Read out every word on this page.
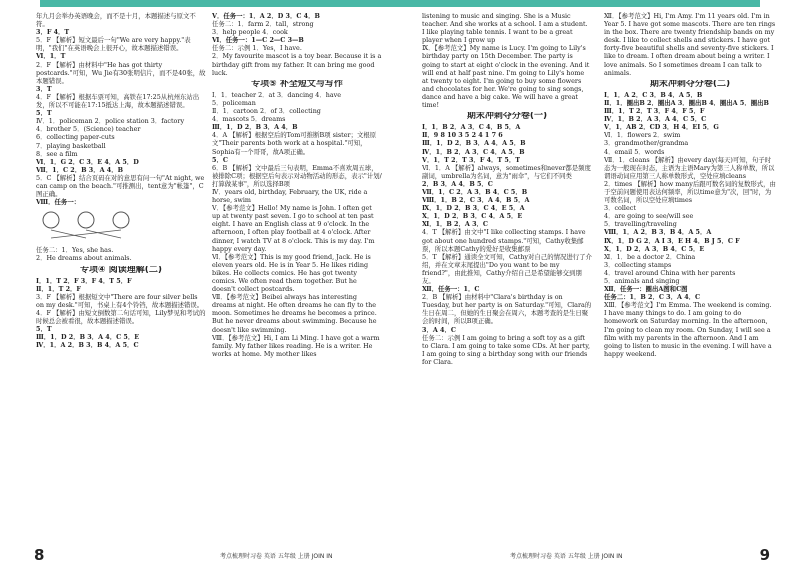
年九月会举办英语晚会，而不是十月，本题描述与原文不符。

3．F 4．T

5．F 【解析】短文最后一句"We are very happy."表明，"我们"在英语晚会上很开心，故本题描述错误。

Ⅵ．1．T

2．F 【解析】由材料中"He has got thirty postcards."可知，Wu Jie有30张明信片，而不是40张，故本题错误。

3．T

4．F 【解析】根据车票可知，高铁在17:25从杭州东站出发，所以不可能在17:15抵达上海，故本题描述错误。

5．T

Ⅳ．1．policeman 2．police station 3．factory

4．brother 5．(Science) teacher

6．collecting paper-cuts

7．playing basketball

8．see a film

Ⅵ．1．G 2．C 3．E 4．A 5．D

Ⅶ．1．C 2．B 3．A 4．B

5．C 【解析】结合页码在对的意思有问一句"At night, we can camp on the beach."可推测出，tent意为"帐篷"，C图正确。

Ⅷ．任务一：

任务二：1．Yes, she has.

2．He dreams about animals.

专项④ 阅读理解(二)

Ⅰ．1．T 2．F 3．F 4．T 5．F

Ⅱ．1．T 2．F

3．F 【解析】根据短文中"There are four silver bells on my desk."可知，书桌上有4个铃铛，故本题描述错误。

4．F 【解析】由短文倒数第二句话可知，Lily梦见和考试的时候总会被看很，故本题描述错误。

5．T

Ⅲ．1．D 2．B 3．A 4．C 5．E

Ⅳ．1．A 2．B 3．B 4．A 5．C

Ⅴ．任务一：1．A 2．D 3．C 4．B

任务二：1．farm 2．tall，strong

3．help people 4．cook

Ⅵ．任务一：1—C 2—C 3—B

任务二：示例 1．Yes，I have.

2．My favourite mascot is a toy bear. Because it is a birthday gift from my father. It can bring me good luck.

专项⑤ 补全短文与写作

Ⅰ．1．teacher 2．at 3．dancing 4．have

5．policeman

Ⅱ．1．cartoon 2．of 3．collecting

4．mascots 5．dreams

Ⅲ．1．D 2．B 3．A 4．B

4．A 【解析】根据空后的Tom可推断B项 sister；文根原文"Their parents both work at a hospital."可知，Sophia有一个哥哥，故A项正确。

5．C

6．B 【解析】文中最后三句表明，Emma不喜欢周五球，被排除C项；根据空后句表示对动物活动的形态，表示"计划/打算做某事"，所以选择B项

Ⅳ．years old, birthday, February, the UK, ride a horse, swim

Ⅴ．【参考范文】Hello! My name is John. I often get up at twenty past seven. I go to school at ten past eight. I have an English class at 9 o'clock. In the afternoon, I often play football at 4 o'clock. After dinner, I watch TV at 8 o'clock. This is my day. I'm happy every day.

Ⅵ．【参考范文】This is my good friend, Jack. He is eleven years old. He is in Year 5. He likes riding bikes. He collects comics. He has got twenty comics. We often read them together. But he doesn't collect postcards.

Ⅶ．【参考范文】Beibei always has interesting dreams at night. He often dreams he can fly to the moon. Sometimes he dreams he becomes a prince. But he never dreams about swimming. Because he doesn't like swimming.

Ⅷ．【参考范文】Hi, I am Li Ming. I have got a warm family. My father likes reading. He is a writer. He works at home. My mother likes

8	考点梳理时习卷 英语 五年级 上册 JOIN IN

listening to music and singing. She is a Music teacher. And she works at a school. I am a student. I like playing table tennis. I want to be a great player when I grow up

Ⅸ．【参考范文】My name is Lucy. I'm going to Lily's birthday party on 15th December. The party is going to start at eight o'clock in the evening. And it will end at half past nine. I'm going to Lily's home at twenty to eight. I'm going to buy some flowers and chocolates for her. We're going to sing songs, dance and have a big cake. We will have a great time!

期末冲刺夺分卷(一)

Ⅰ．1．B 2．A 3．C 4．B 5．A

Ⅱ．9 8 10 3 5 2 4 1 7 6

Ⅲ．1．D 2．B 3．A 4．A 5．B

Ⅳ．1．B 2．A 3．C 4．A 5．B

Ⅴ．1．T 2．T 3．F 4．T 5．T

Ⅵ．1．A 【解析】always，sometimes和never都是频度副词，umbrella为名词，意为"雨伞"，与它们不同类

2．B 3．A 4．B 5．C

Ⅶ．1．C 2．A 3．B 4．C 5．B

Ⅷ．1．B 2．C 3．A 4．B 5．A

Ⅸ．1．D 2．B 3．C 4．E 5．A

Ⅹ．1．D 2．B 3．C 4．A 5．E

Ⅺ．1．B 2．A 3．C

4．T 【解析】由文中"I like collecting stamps. I have got about one hundred stamps."可知，Cathy收集邮票，所以本题Cathy的爱好是收集邮票

5．T 【解析】通读全文可知，Cathy对自己的情况进行了介绍，并在文章末尾提出"Do you want to be my friend?"，由此推知，Cathy介绍自己是希望能够交到朋友。

Ⅻ．任务一：1．C

2．B 【解析】由材料中"Clara's birthday is on Tuesday, but her party is on Saturday."可知，Clara的生日在周二，但她的生日聚会在周六，本题考查的是生日聚会的时间，所以B项正确。

3．A 4．C

任务二：示例 I am going to bring a soft toy as a gift to Clara. I am going to take some CDs. At her party, I am going to sing a birthday song with our friends for Clara.

Ⅻ．【参考范文】Hi, I'm Amy. I'm 11 years old. I'm in Year 5. I have got some mascots. There are ten rings in the box. There are twenty friendship bands on my desk. I like to collect shells and stickers. I have got forty-five beautiful shells and seventy-five stickers. I like to dream. I often dream about being a writer. I love animals. So I sometimes dream I can talk to animals.

期末冲刺夺分卷(二)

Ⅰ．1．A 2．C 3．B 4．A 5．B

Ⅱ．1．圈出B 2．圈出A 3．圈出B 4．圈出A 5．圈出B

Ⅲ．1．T 2．T 3．F 4．F 5．F

Ⅳ．1．B 2．A 3．A 4．C 5．C

Ⅴ．1．AB 2．CD 3．H 4．EI 5．G

Ⅵ．1．flowers 2．swim

3．grandmother/grandma

4．email 5．words

Ⅶ．1．cleans 【解析】由every day(每天)可知，句子时态为一般现在时态，主语为主语Mary为第三人称单数，所以谓语动词应用第三人称单数形式，空处应填cleans

2．times 【解析】how many后跟可数名词的复数形式，由于空前问题使用表达何频率，所以time意为"次，回"时，为可数名词，所以空处应填times

3．collect

4．are going to see/will see

5．travelling/traveling

Ⅷ．1．A 2．B 3．B 4．A 5．A

Ⅸ．1．D G 2．A I 3．E H 4．B J 5．C F

Ⅹ．1．D 2．A 3．B 4．C 5．E

Ⅺ．1．be a doctor 2．China

3．collecting stamps

4．travel around China with her parents

5．animals and singing

Ⅻ．任务一：圈出A图和C图

任务二：1．B 2．C 3．A 4．C

ⅩⅢ．【参考范文】I'm Emma. The weekend is coming. I have many things to do. I am going to do homework on Saturday morning. In the afternoon, I'm going to clean my room. On Sunday, I will see a film with my parents in the afternoon. And I am going to listen to music in the evening. I will have a happy weekend.

考点梳理时习卷 英语 五年级 上册 JOIN IN	9
